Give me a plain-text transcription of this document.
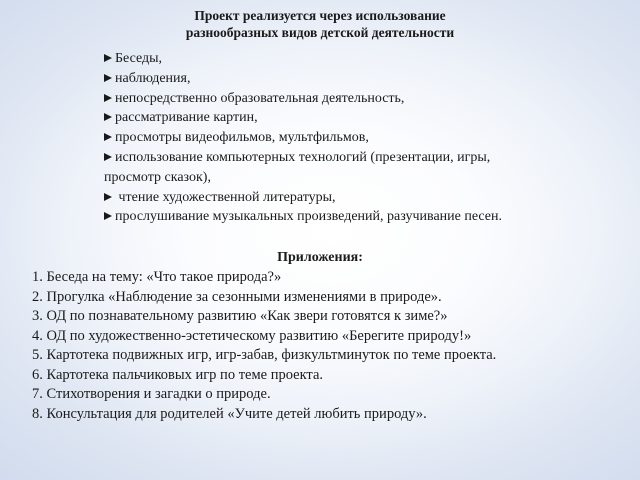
Проект реализуется через использование
разнообразных видов детской деятельности
Беседы,
наблюдения,
непосредственно образовательная деятельность,
рассматривание картин,
просмотры видеофильмов, мультфильмов,
использование компьютерных технологий (презентации, игры, просмотр сказок),
чтение художественной литературы,
прослушивание музыкальных произведений, разучивание песен.
Приложения:
1. Беседа на тему: «Что такое природа?»
2. Прогулка «Наблюдение за сезонными изменениями в природе».
3. ОД по познавательному развитию «Как звери готовятся к зиме?»
4. ОД по художественно-эстетическому развитию «Берегите природу!»
5. Картотека подвижных игр, игр-забав, физкультминуток по теме проекта.
6. Картотека пальчиковых игр по теме проекта.
7. Стихотворения и загадки о природе.
8. Консультация для родителей «Учите детей любить природу».
